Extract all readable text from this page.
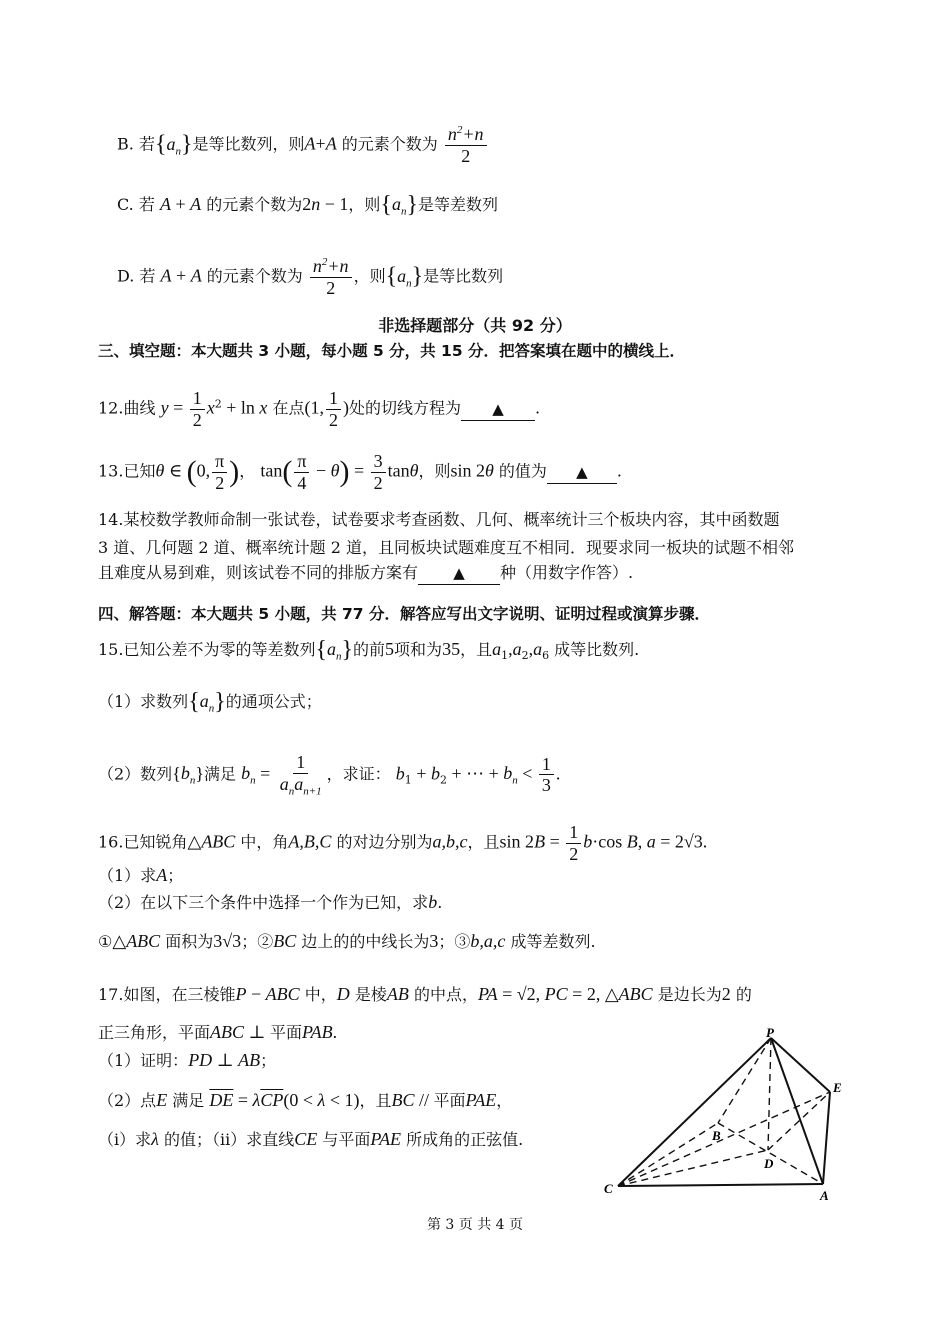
B. 若$\{a_n\}$是等比数列，则A+A 的元素个数为 $\frac{n^2+n}{2}$
C. 若 A + A 的元素个数为2n − 1，则$\{a_n\}$是等差数列
D. 若 A + A 的元素个数为 $\frac{n^2+n}{2}$ ，则$\{a_n\}$是等比数列
非选择题部分（共 92 分）
三、填空题：本大题共 3 小题，每小题 5 分，共 15 分．把答案填在题中的横线上．
12.曲线 $y = \frac{1}{2} x^2 + \ln x$ 在点(1, $\frac{1}{2}$ )处的切线方程为 ▲ .
13.已知θ ∈ (0, $\frac{\pi}{2}$ )， $\tan( \frac{\pi}{4} - \theta) = \frac{3}{2}$ tanθ，则sin 2θ 的值为 ▲ .
14.某校数学教师命制一张试卷，试卷要求考查函数、几何、概率统计三个板块内容，其中函数题
3 道、几何题 2 道、概率统计题 2 道，且同板块试题难度互不相同．现要求同一板块的试题不相邻
且难度从易到难，则该试卷不同的排版方案有 ▲ 种（用数字作答）.
四、解答题：本大题共 5 小题，共 77 分．解答应写出文字说明、证明过程或演算步骤．
15.已知公差不为零的等差数列$\{a_n\}$的前5项和为35，且$a_1,a_2,a_6$ 成等比数列.
（1）求数列$\{a_n\}$的通项公式；
（2）数列$\{b_n\}$满足 $b_n = \frac{1}{a_na_{n+1}}$ ，求证： $b_1 + b_2$ + ⋯ + $b_n < \frac{1}{3}$ .
16.已知锐角△ABC 中，角A,B,C 的对边分别为a,b,c，且$\sin 2B = \frac{1}{2} b\cdot\cos$ B, a = 2√3.
（1）求A；
（2）在以下三个条件中选择一个作为已知，求b.
①△ABC 面积为3√3；②BC 边上的的中线长为3；③b,a,c 成等差数列.
17.如图，在三棱锥P − ABC 中，D 是棱AB 的中点，PA = √2, PC = 2, △ABC 是边长为2 的
正三角形，平面ABC ⊥ 平面PAB.
（1）证明：PD ⊥ AB；
（2）点E 满足 $\overline{DE} = \lambda\overline{CP}(0 < \lambda < 1)$，且BC // 平面PAE，
（ⅰ）求λ 的值；（ⅱ）求直线CE 与平面PAE 所成角的正弦值.
P
E
B
D
C	A
第 3 页 共 4 页
